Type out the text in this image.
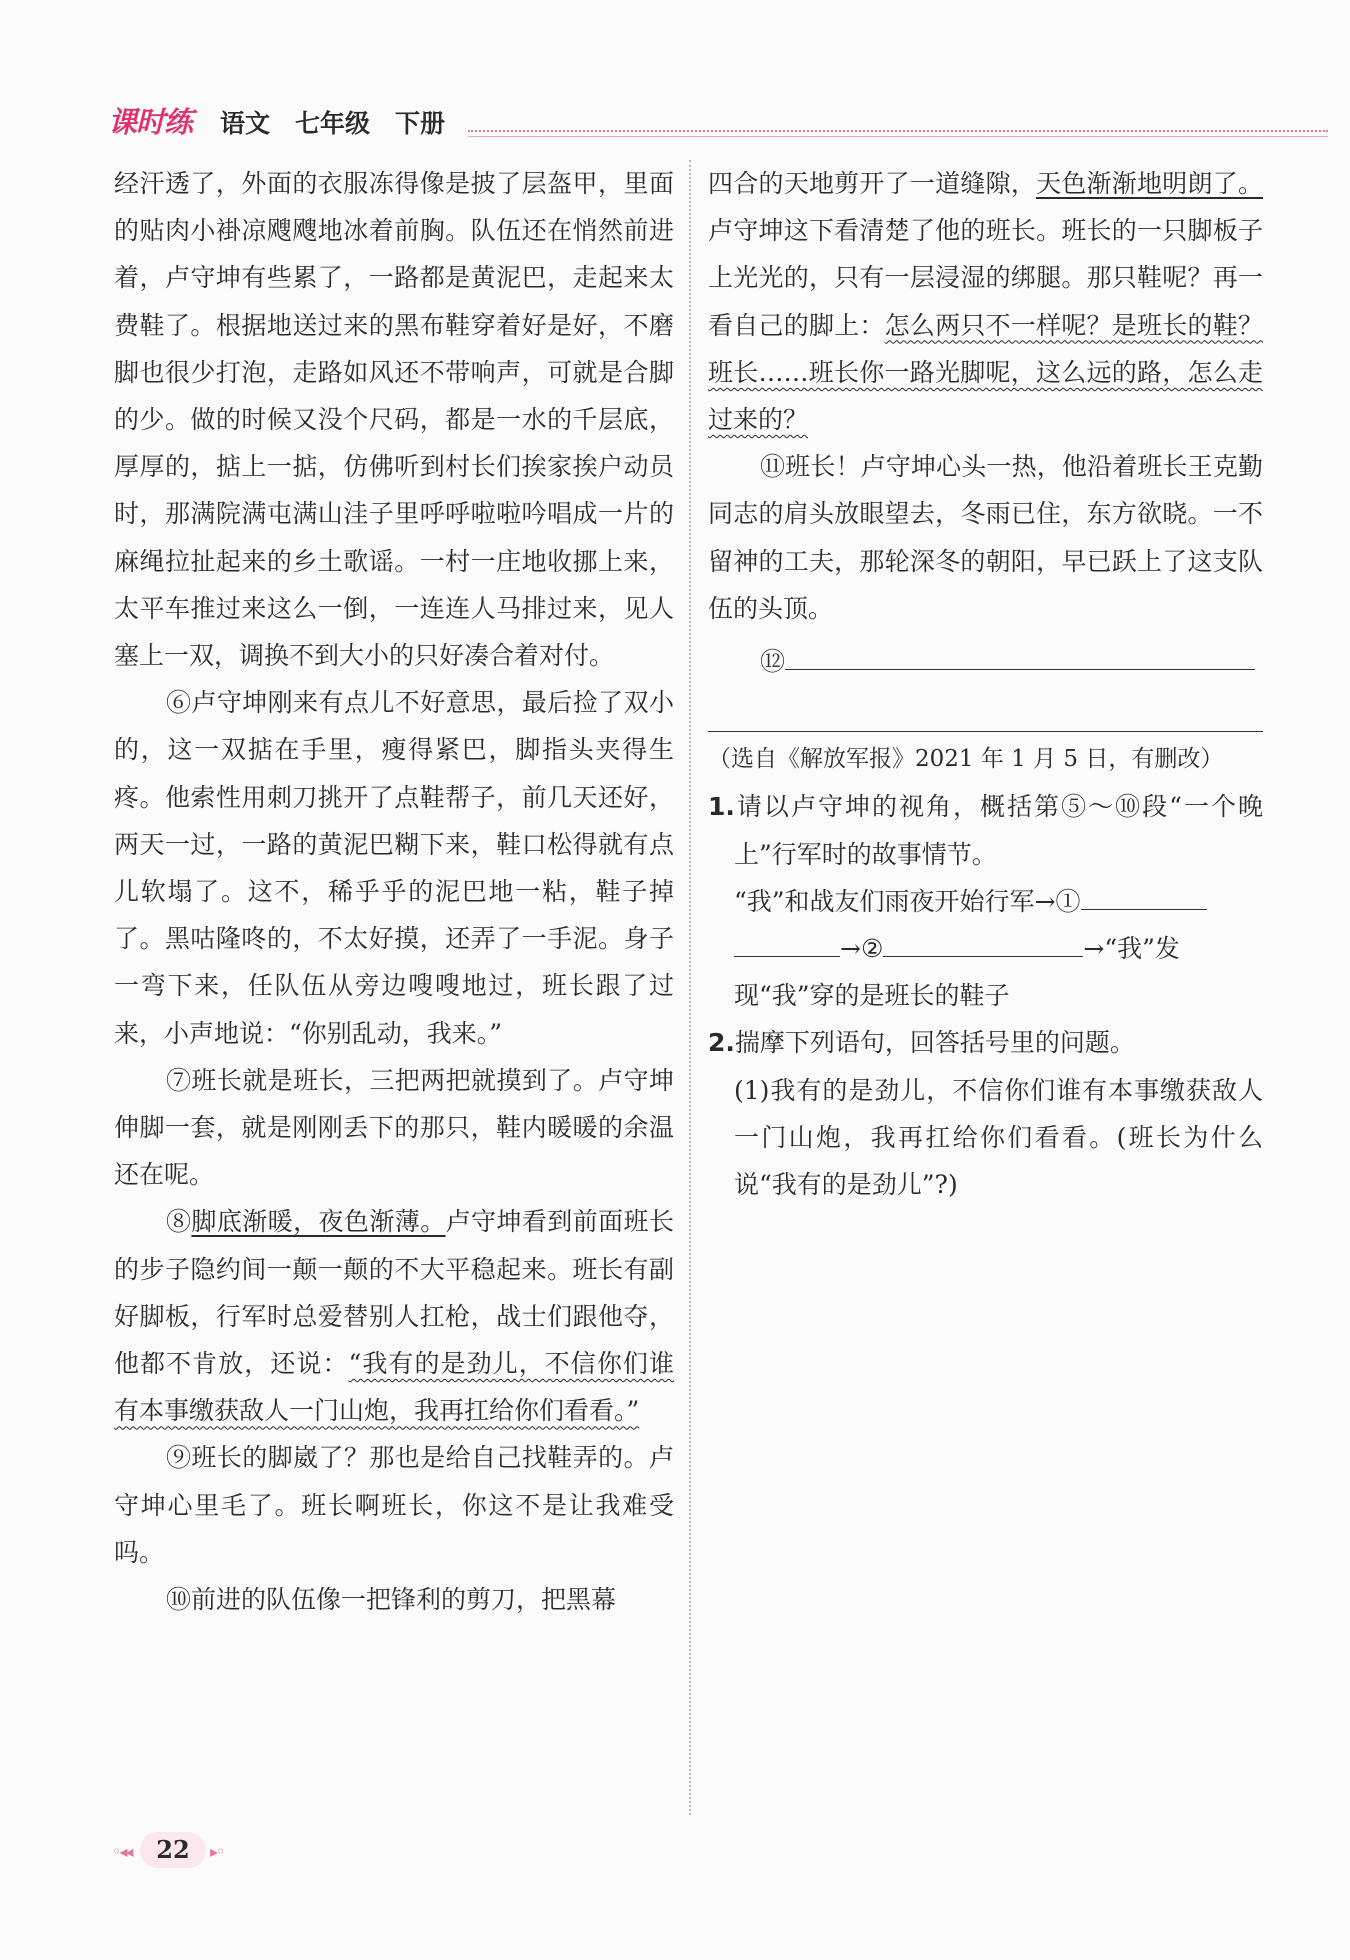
课时练 语文　七年级　下册

经汗透了，外面的衣服冻得像是披了层盔甲，里面的贴肉小褂凉飕飕地冰着前胸。队伍还在悄然前进着，卢守坤有些累了，一路都是黄泥巴，走起来太费鞋了。根据地送过来的黑布鞋穿着好是好，不磨脚也很少打泡，走路如风还不带响声，可就是合脚的少。做的时候又没个尺码，都是一水的千层底，厚厚的，掂上一掂，仿佛听到村长们挨家挨户动员时，那满院满屯满山洼子里呼呼啦啦吟唱成一片的麻绳拉扯起来的乡土歌谣。一村一庄地收挪上来，太平车推过来这么一倒，一连连人马排过来，见人塞上一双，调换不到大小的只好凑合着对付。

⑥卢守坤刚来有点儿不好意思，最后捡了双小的，这一双掂在手里，瘦得紧巴，脚指头夹得生疼。他索性用刺刀挑开了点鞋帮子，前几天还好，两天一过，一路的黄泥巴糊下来，鞋口松得就有点儿软塌了。这不，稀乎乎的泥巴地一粘，鞋子掉了。黑咕隆咚的，不太好摸，还弄了一手泥。身子一弯下来，任队伍从旁边嗖嗖地过，班长跟了过来，小声地说：“你别乱动，我来。”

⑦班长就是班长，三把两把就摸到了。卢守坤伸脚一套，就是刚刚丢下的那只，鞋内暖暖的余温还在呢。

⑧脚底渐暖，夜色渐薄。卢守坤看到前面班长的步子隐约间一颠一颠的不大平稳起来。班长有副好脚板，行军时总爱替别人扛枪，战士们跟他夺，他都不肯放，还说：“我有的是劲儿，不信你们谁有本事缴获敌人一门山炮，我再扛给你们看看。”

⑨班长的脚崴了？那也是给自己找鞋弄的。卢守坤心里毛了。班长啊班长，你这不是让我难受吗。

⑩前进的队伍像一把锋利的剪刀，把黑幕

四合的天地剪开了一道缝隙，天色渐渐地明朗了。卢守坤这下看清楚了他的班长。班长的一只脚板子上光光的，只有一层浸湿的绑腿。那只鞋呢？再一看自己的脚上：怎么两只不一样呢？是班长的鞋？班长……班长你一路光脚呢，这么远的路，怎么走过来的？

⑪班长！卢守坤心头一热，他沿着班长王克勤同志的肩头放眼望去，冬雨已住，东方欲晓。一不留神的工夫，那轮深冬的朝阳，早已跃上了这支队伍的头顶。

⑫

（选自《解放军报》2021 年 1 月 5 日，有删改）

1.请以卢守坤的视角，概括第⑤～⑩段“一个晚上”行军时的故事情节。

“我”和战友们雨夜开始行军→①
→②	→“我”发
现“我”穿的是班长的鞋子

2.揣摩下列语句，回答括号里的问题。

(1)我有的是劲儿，不信你们谁有本事缴获敌人一门山炮，我再扛给你们看看。(班长为什么说“我有的是劲儿”?)

◦◂◂	22	▸◦
